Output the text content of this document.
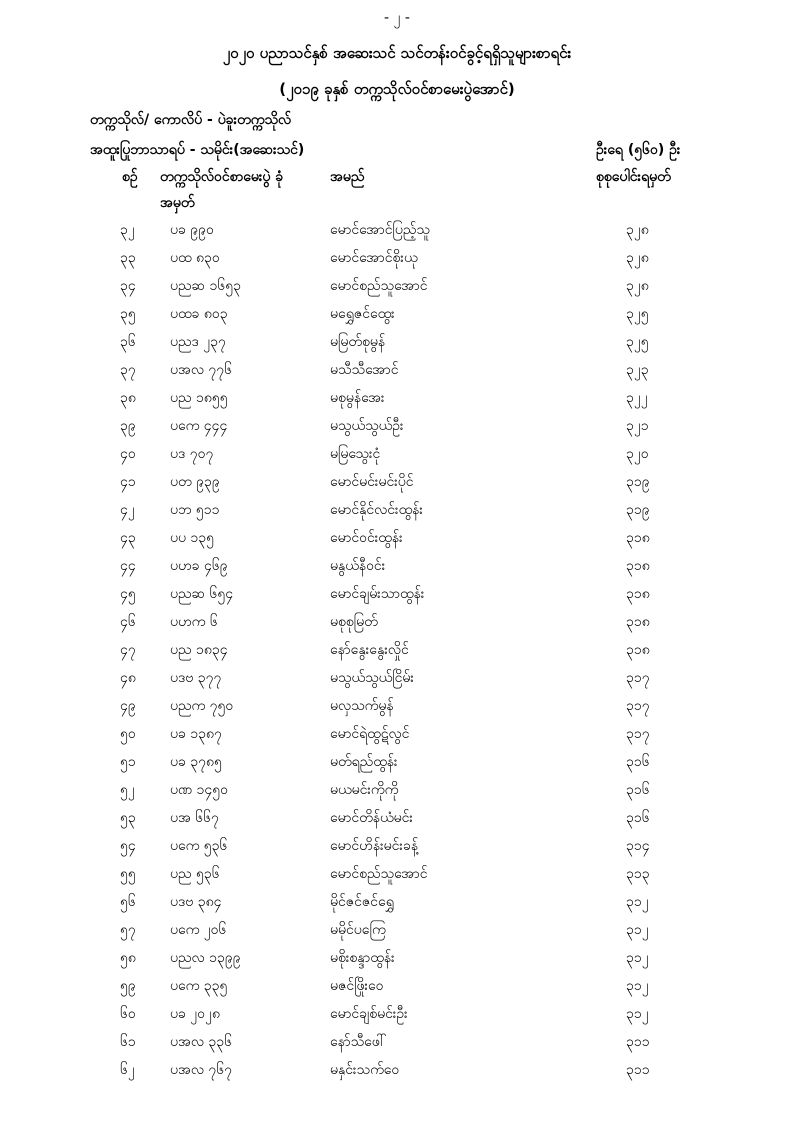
- ၂ -
၂၀၂၀ ပညာသင်နှစ် အဆေးသင် သင်တန်းဝင်ခွင့်ရရှိသူများစာရင်း
(၂၀၁၉ ခုနှစ် တက္ကသိုလ်ဝင်စာမေးပွဲအောင်)
တက္ကသိုလ်/ ကောလိပ် - ပဲခူးတက္ကသိုလ်
အထူးပြုဘာသာရပ် - သမိုင်း(အဆေးသင်)	ဦးရေ (၅၆၀) ဦး
စဉ် တက္ကသိုလ်ဝင်စာမေးပွဲ ခုံအမှတ်
အမည်	စုစုပေါင်းရမှတ်
၃၂	ပခ ၉၉၀	မောင်အောင်ပြည့်သူ	၃၂၈
၃၃ ပထ ၈၃၀	မောင်အောင်စိုးယု	၃၂၈
၃၄ ပညဆ ၁၆၅၃	မောင်စည်သူအောင်	၃၂၈
၃၅ ပထခ ၈၀၃	မရွှေဇင်ထွေး	၃၂၅
၃၆ ပညဒ ၂၃၇	မမြတ်စုမွန်	၃၂၅
၃၇ ပအလ ၇၇၆	မသီသီအောင်	၃၂၃
၃၈ ပည ၁၈၅၅	မစုမွန်အေး	၃၂၂
၃၉ ပကေ ၄၄၄	မသွယ်သွယ်ဦး	၃၂၁
၄၀ ပဒ ၇၀၇	မမြသွေးငုံ	၃၂၀
၄၁ ပတ ၉၃၉	မောင်မင်းမင်းပိုင်	၃၁၉
၄၂	ပဘ ၅၁၁	မောင်နိုင်လင်းထွန်း	၃၁၉
၄၃ ပပ ၁၃၅	မောင်ဝင်းထွန်း	၃၁၈
၄၄ ပဟခ ၄၆၉	မနွယ်နီဝင်း	၃၁၈
၄၅ ပညဆ ၆၅၄	မောင်ချမ်းသာထွန်း	၃၁၈
၄၆ ပဟက ၆	မစုစုမြတ်	၃၁၈
၄၇ ပည ၁၈၃၄	နော်နွေးနွေးလှိုင်	၃၁၈
၄၈ ပဒဗ ၃၇၇	မသွယ်သွယ်ငြိမ်း	၃၁၇
၄၉ ပညက ၇၅၀	မလှသက်မွန်	၃၁၇
၅၀ ပခ ၁၃၈၇	မောင်ရဲထွဋ်လွင်	၃၁၇
၅၁ ပခ ၃၇၈၅	မတ်ရည်ထွန်း	၃၁၆
၅၂	ပဏ ၁၄၅၀	မယမင်းကိုကို	၃၁၆
၅၃ ပအ ၆၆၇	မောင်တိန်ယံမင်း	၃၁၆
၅၄ ပကေ ၅၃၆	မောင်ဟိန်းမင်းခန့်	၃၁၄
၅၅ ပည ၅၃၆	မောင်စည်သူအောင်	၃၁၃
၅၆ ပဒဗ ၃၈၄	မိုင်ဇင်ဇင်ရွှေ	၃၁၂
၅၇ ပကေ ၂၀၆	မမိုင်ပကြေ	၃၁၂
၅၈ ပညလ ၁၃၉၉	မစိုးစန္ဒာထွန်း	၃၁၂
၅၉ ပကေ ၃၃၅	မဇင်ဖြိုးဝေ	၃၁၂
၆၀ ပခ ၂၀၂၈	မောင်ချစ်မင်းဦး	၃၁၂
၆၁ ပအလ ၃၃၆	နော်သီဖေါ်	၃၁၁
၆၂	ပအလ ၇၆၇	မနှင်းသက်ဝေ	၃၁၁
